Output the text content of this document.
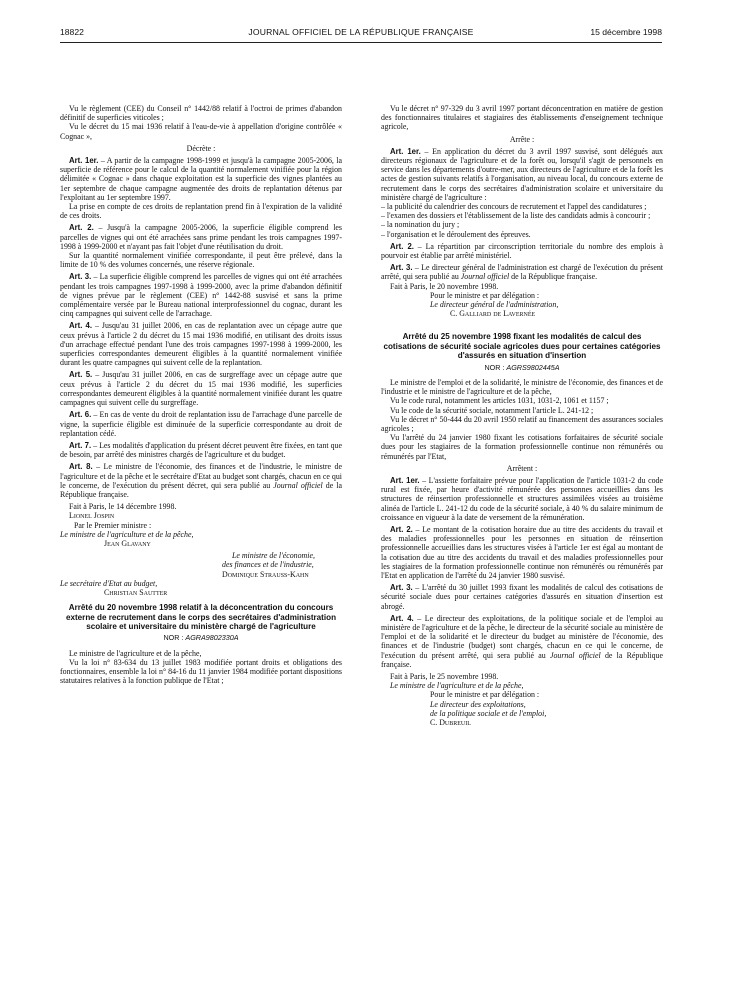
18822	JOURNAL OFFICIEL DE LA RÉPUBLIQUE FRANÇAISE	15 décembre 1998

Vu le règlement (CEE) du Conseil n° 1442/88 relatif à l'octroi de primes d'abandon définitif de superficies viticoles ;

Vu le décret du 15 mai 1936 relatif à l'eau-de-vie à appellation d'origine contrôlée « Cognac »,

Décrète :

Art. 1er. – A partir de la campagne 1998-1999 et jusqu'à la campagne 2005-2006, la superficie de référence pour le calcul de la quantité normalement vinifiée pour la région délimitée « Cognac » dans chaque exploitation est la superficie des vignes plantées au 1er septembre de chaque campagne augmentée des droits de replantation détenus par l'exploitant au 1er septembre 1997.

La prise en compte de ces droits de replantation prend fin à l'expiration de la validité de ces droits.

Art. 2. – Jusqu'à la campagne 2005-2006, la superficie éligible comprend les parcelles de vignes qui ont été arrachées sans prime pendant les trois campagnes 1997-1998 à 1999-2000 et n'ayant pas fait l'objet d'une réutilisation du droit.

Sur la quantité normalement vinifiée correspondante, il peut être prélevé, dans la limite de 10 % des volumes concernés, une réserve régionale.

Art. 3. – La superficie éligible comprend les parcelles de vignes qui ont été arrachées pendant les trois campagnes 1997-1998 à 1999-2000, avec la prime d'abandon définitif de vignes prévue par le règlement (CEE) n° 1442-88 susvisé et sans la prime complémentaire versée par le Bureau national interprofessionnel du cognac, durant les cinq campagnes qui suivent celle de l'arrachage.

Art. 4. – Jusqu'au 31 juillet 2006, en cas de replantation avec un cépage autre que ceux prévus à l'article 2 du décret du 15 mai 1936 modifié, en utilisant des droits issus d'un arrachage effectué pendant l'une des trois campagnes 1997-1998 à 1999-2000, les superficies correspondantes demeurent éligibles à la quantité normalement vinifiée durant les quatre campagnes qui suivent celle de la replantation.

Art. 5. – Jusqu'au 31 juillet 2006, en cas de surgreffage avec un cépage autre que ceux prévus à l'article 2 du décret du 15 mai 1936 modifié, les superficies correspondantes demeurent éligibles à la quantité normalement vinifiée durant les quatre campagnes qui suivent celle du surgreffage.

Art. 6. – En cas de vente du droit de replantation issu de l'arrachage d'une parcelle de vigne, la superficie éligible est diminuée de la superficie correspondante au droit de replantation cédé.

Art. 7. – Les modalités d'application du présent décret peuvent être fixées, en tant que de besoin, par arrêté des ministres chargés de l'agriculture et du budget.

Art. 8. – Le ministre de l'économie, des finances et de l'industrie, le ministre de l'agriculture et de la pêche et le secrétaire d'Etat au budget sont chargés, chacun en ce qui le concerne, de l'exécution du présent décret, qui sera publié au Journal officiel de la République française.

Fait à Paris, le 14 décembre 1998.

Lionel Jospin

Par le Premier ministre :

Le ministre de l'agriculture et de la pêche,

Jean Glavany

Le ministre de l'économie,

des finances et de l'industrie,

Dominique Strauss-Kahn

Le secrétaire d'Etat au budget,

Christian Sautter

Arrêté du 20 novembre 1998 relatif à la déconcentration du concours externe de recrutement dans le corps des secrétaires d'administration scolaire et universitaire du ministère chargé de l'agriculture
NOR : AGRA9802330A

Le ministre de l'agriculture et de la pêche,

Vu la loi n° 83-634 du 13 juillet 1983 modifiée portant droits et obligations des fonctionnaires, ensemble la loi n° 84-16 du 11 janvier 1984 modifiée portant dispositions statutaires relatives à la fonction publique de l'Etat ;

Vu le décret n° 97-329 du 3 avril 1997 portant déconcentration en matière de gestion des fonctionnaires titulaires et stagiaires des établissements d'enseignement technique agricole,

Arrête :

Art. 1er. – En application du décret du 3 avril 1997 susvisé, sont délégués aux directeurs régionaux de l'agriculture et de la forêt ou, lorsqu'il s'agit de personnels en service dans les départements d'outre-mer, aux directeurs de l'agriculture et de la forêt les actes de gestion suivants relatifs à l'organisation, au niveau local, du concours externe de recrutement dans le corps des secrétaires d'administration scolaire et universitaire du ministère chargé de l'agriculture :

– la publicité du calendrier des concours de recrutement et l'appel des candidatures ;
– l'examen des dossiers et l'établissement de la liste des candidats admis à concourir ;
– la nomination du jury ;
– l'organisation et le déroulement des épreuves.

Art. 2. – La répartition par circonscription territoriale du nombre des emplois à pourvoir est établie par arrêté ministériel.

Art. 3. – Le directeur général de l'administration est chargé de l'exécution du présent arrêté, qui sera publié au Journal officiel de la République française.

Fait à Paris, le 20 novembre 1998.

Pour le ministre et par délégation :

Le directeur général de l'administration,

C. Galliard de Lavernée

Arrêté du 25 novembre 1998 fixant les modalités de calcul des cotisations de sécurité sociale agricoles dues pour certaines catégories d'assurés en situation d'insertion
NOR : AGRS9802445A

Le ministre de l'emploi et de la solidarité, le ministre de l'économie, des finances et de l'industrie et le ministre de l'agriculture et de la pêche,

Vu le code rural, notamment les articles 1031, 1031-2, 1061 et 1157 ;

Vu le code de la sécurité sociale, notamment l'article L. 241-12 ;

Vu le décret n° 50-444 du 20 avril 1950 relatif au financement des assurances sociales agricoles ;

Vu l'arrêté du 24 janvier 1980 fixant les cotisations forfaitaires de sécurité sociale dues pour les stagiaires de la formation professionnelle continue non rémunérés ou rémunérés par l'Etat,

Arrêtent :

Art. 1er. – L'assiette forfaitaire prévue pour l'application de l'article 1031-2 du code rural est fixée, par heure d'activité rémunérée des personnes accueillies dans les structures de réinsertion professionnelle et structures assimilées visées au troisième alinéa de l'article L. 241-12 du code de la sécurité sociale, à 40 % du salaire minimum de croissance en vigueur à la date de versement de la rémunération.

Art. 2. – Le montant de la cotisation horaire due au titre des accidents du travail et des maladies professionnelles pour les personnes en situation de réinsertion professionnelle accueillies dans les structures visées à l'article 1er est égal au montant de la cotisation due au titre des accidents du travail et des maladies professionnelles pour les stagiaires de la formation professionnelle continue non rémunérés ou rémunérés par l'Etat en application de l'arrêté du 24 janvier 1980 susvisé.

Art. 3. – L'arrêté du 30 juillet 1993 fixant les modalités de calcul des cotisations de sécurité sociale dues pour certaines catégories d'assurés en situation d'insertion est abrogé.

Art. 4. – Le directeur des exploitations, de la politique sociale et de l'emploi au ministère de l'agriculture et de la pêche, le directeur de la sécurité sociale au ministère de l'emploi et de la solidarité et le directeur du budget au ministère de l'économie, des finances et de l'industrie (budget) sont chargés, chacun en ce qui le concerne, de l'exécution du présent arrêté, qui sera publié au Journal officiel de la République française.

Fait à Paris, le 25 novembre 1998.

Le ministre de l'agriculture et de la pêche,

Pour le ministre et par délégation :

Le directeur des exploitations,

de la politique sociale et de l'emploi,

C. Dubreuil
